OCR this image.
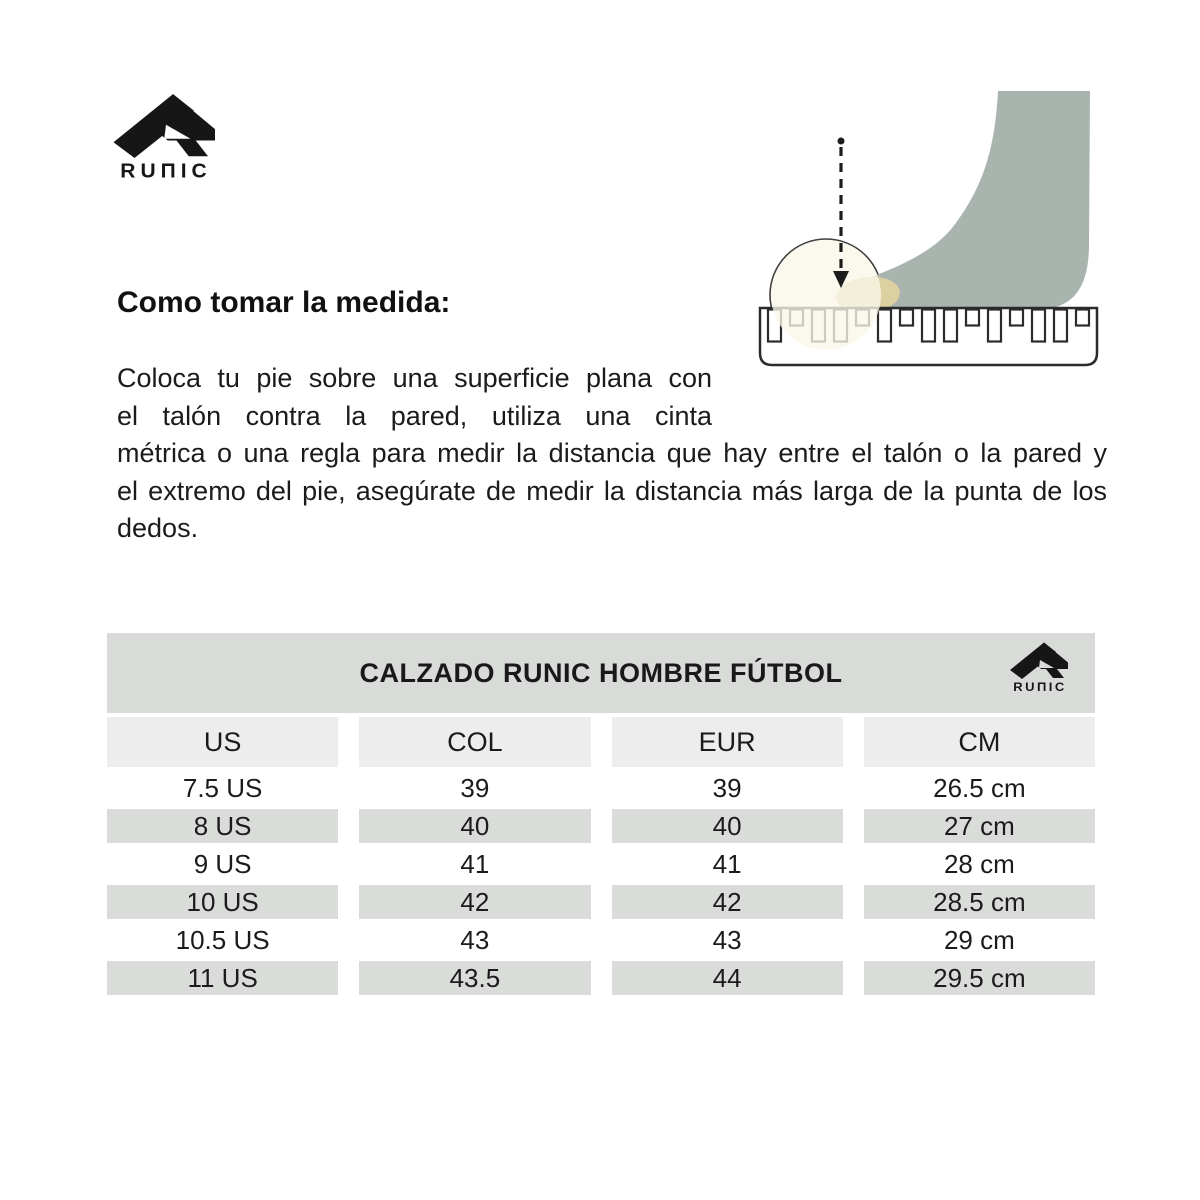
RUПIC
Como tomar la medida:
Coloca tu pie sobre una superficie plana con
el talón contra la pared, utiliza una cinta
métrica o una regla para medir la distancia que hay entre el talón o la pared y
el extremo del pie, asegúrate de medir la distancia más larga de la punta de los
dedos.
CALZADO RUNIC HOMBRE FÚTBOL	RUПIC
US	COL	EUR	CM
7.5 US	39	39	26.5 cm
8 US	40	40	27 cm
9 US	41	41	28 cm
10 US	42	42	28.5 cm
10.5 US	43	43	29 cm
11 US	43.5	44	29.5 cm
